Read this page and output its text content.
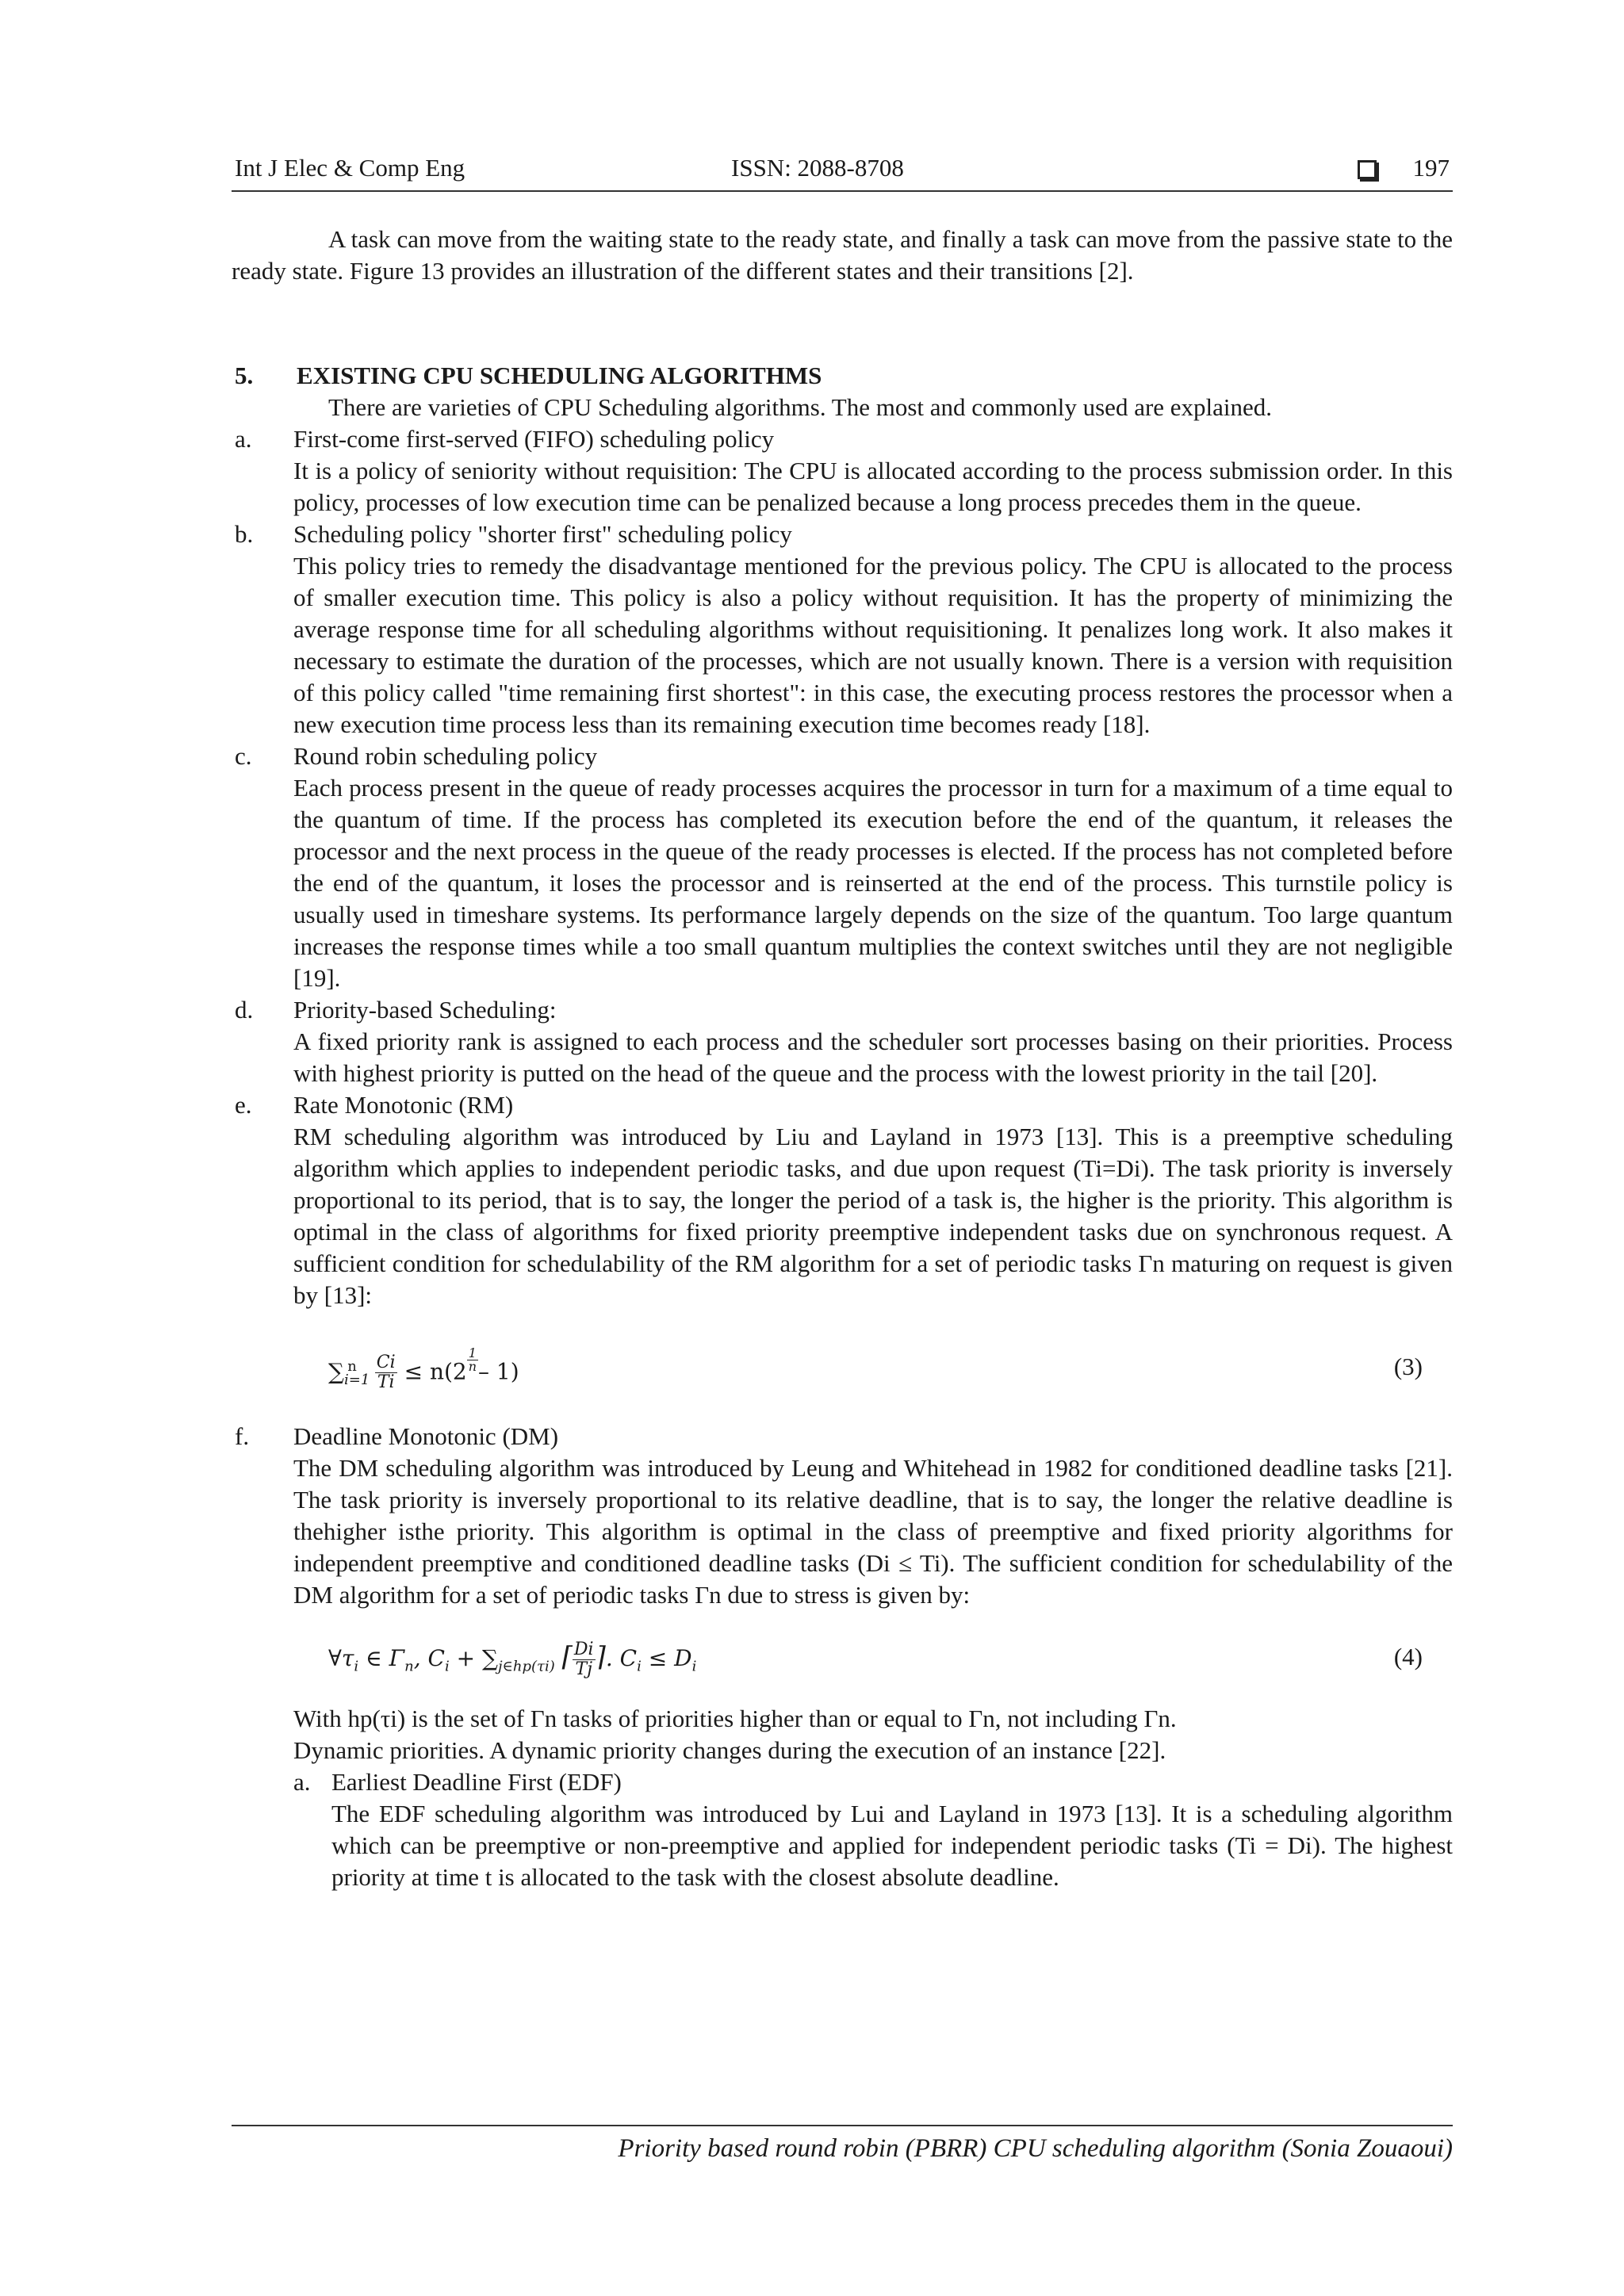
Int J Elec & Comp Eng	ISSN: 2088-8708	197

A task can move from the waiting state to the ready state, and finally a task can move from the passive state to the ready state. Figure 13 provides an illustration of the different states and their transitions [2].

5. EXISTING CPU SCHEDULING ALGORITHMS
There are varieties of CPU Scheduling algorithms. The most and commonly used are explained.
a. First-come first-served (FIFO) scheduling policy
It is a policy of seniority without requisition: The CPU is allocated according to the process submission order. In this policy, processes of low execution time can be penalized because a long process precedes them in the queue.
b. Scheduling policy "shorter first" scheduling policy
This policy tries to remedy the disadvantage mentioned for the previous policy. The CPU is allocated to the process of smaller execution time. This policy is also a policy without requisition. It has the property of minimizing the average response time for all scheduling algorithms without requisitioning. It penalizes long work. It also makes it necessary to estimate the duration of the processes, which are not usually known. There is a version with requisition of this policy called "time remaining first shortest": in this case, the executing process restores the processor when a new execution time process less than its remaining execution time becomes ready [18].
c. Round robin scheduling policy
Each process present in the queue of ready processes acquires the processor in turn for a maximum of a time equal to the quantum of time. If the process has completed its execution before the end of the quantum, it releases the processor and the next process in the queue of the ready processes is elected. If the process has not completed before the end of the quantum, it loses the processor and is reinserted at the end of the process. This turnstile policy is usually used in timeshare systems. Its performance largely depends on the size of the quantum. Too large quantum increases the response times while a too small quantum multiplies the context switches until they are not negligible [19].
d. Priority-based Scheduling:
A fixed priority rank is assigned to each process and the scheduler sort processes basing on their priorities. Process with highest priority is putted on the head of the queue and the process with the lowest priority in the tail [20].
e. Rate Monotonic (RM)
RM scheduling algorithm was introduced by Liu and Layland in 1973 [13]. This is a preemptive scheduling algorithm which applies to independent periodic tasks, and due upon request (Ti=Di). The task priority is inversely proportional to its period, that is to say, the longer the period of a task is, the higher is the priority. This algorithm is optimal in the class of algorithms for fixed priority preemptive independent tasks due on synchronous request. A sufficient condition for schedulability of the RM algorithm for a set of periodic tasks Γn maturing on request is given by [13]:
$\sum_{i=1}^n \frac{Ci}{Ti} \le n(2 \frac{1}{n} - 1)$	(3)
f. Deadline Monotonic (DM)
The DM scheduling algorithm was introduced by Leung and Whitehead in 1982 for conditioned deadline tasks [21]. The task priority is inversely proportional to its relative deadline, that is to say, the longer the relative deadline is thehigher isthe priority. This algorithm is optimal in the class of preemptive and fixed priority algorithms for independent preemptive and conditioned deadline tasks (Di ≤ Ti). The sufficient condition for schedulability of the DM algorithm for a set of periodic tasks Γn due to stress is given by:
$\forall\tau_i$ ∈ $\Gamma_n$, $C_i + \sum_{j\in hp(\tau i)}$ ⌈ $\frac{Di}{Tj}$ ⌉. $C_i \le D_i$	(4)
With hp(τi) is the set of Γn tasks of priorities higher than or equal to Γn, not including Γn.
Dynamic priorities. A dynamic priority changes during the execution of an instance [22].
a. Earliest Deadline First (EDF)
The EDF scheduling algorithm was introduced by Lui and Layland in 1973 [13]. It is a scheduling algorithm which can be preemptive or non-preemptive and applied for independent periodic tasks (Ti = Di). The highest priority at time t is allocated to the task with the closest absolute deadline.
Priority based round robin (PBRR) CPU scheduling algorithm (Sonia Zouaoui)
